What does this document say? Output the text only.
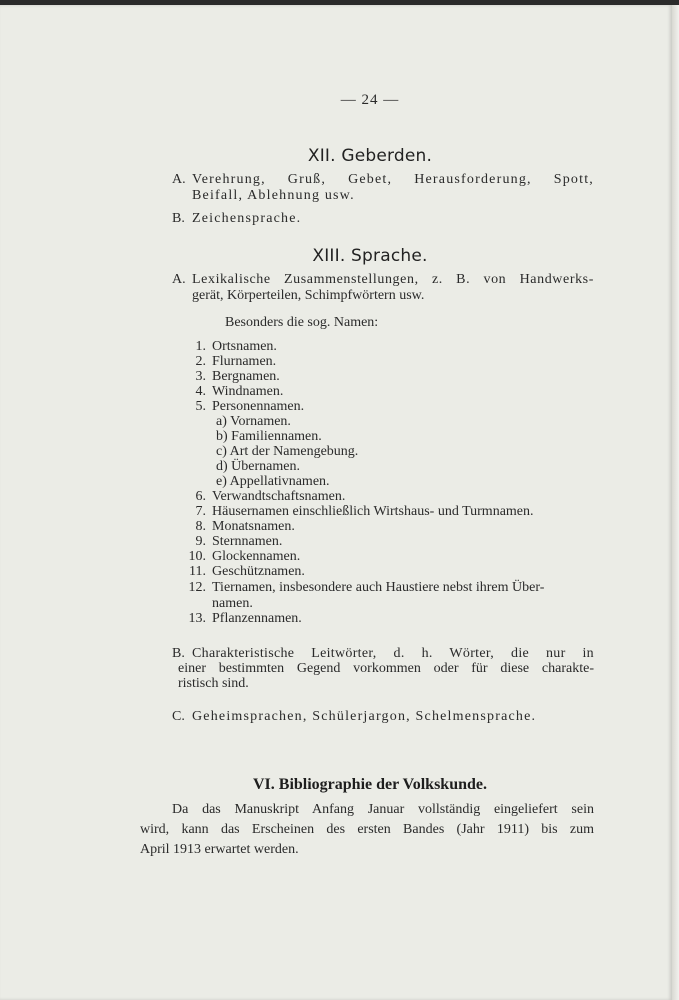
— 24 —
XII. Geberden.
A. Verehrung, Gruß, Gebet, Herausforderung, Spott,
Beifall, Ablehnung usw.
B. Zeichensprache.
XIII. Sprache.
A. Lexikalische Zusammenstellungen, z. B. von Handwerks-
gerät, Körperteilen, Schimpfwörtern usw.
Besonders die sog. Namen:
1. Ortsnamen.
2. Flurnamen.
3. Bergnamen.
4. Windnamen.
5. Personennamen.
a) Vornamen.
b) Familiennamen.
c) Art der Namengebung.
d) Übernamen.
e) Appellativnamen.
6. Verwandtschaftsnamen.
7. Häusernamen einschließlich Wirtshaus- und Turmnamen.
8. Monatsnamen.
9. Sternnamen.
10. Glockennamen.
11. Geschütznamen.
12. Tiernamen, insbesondere auch Haustiere nebst ihrem Über-
namen.
13. Pflanzennamen.
B. Charakteristische Leitwörter, d. h. Wörter, die nur in
einer bestimmten Gegend vorkommen oder für diese charakte-
ristisch sind.
C. Geheimsprachen, Schülerjargon, Schelmensprache.
VI. Bibliographie der Volkskunde.
Da das Manuskript Anfang Januar vollständig eingeliefert sein
wird, kann das Erscheinen des ersten Bandes (Jahr 1911) bis zum
April 1913 erwartet werden.
